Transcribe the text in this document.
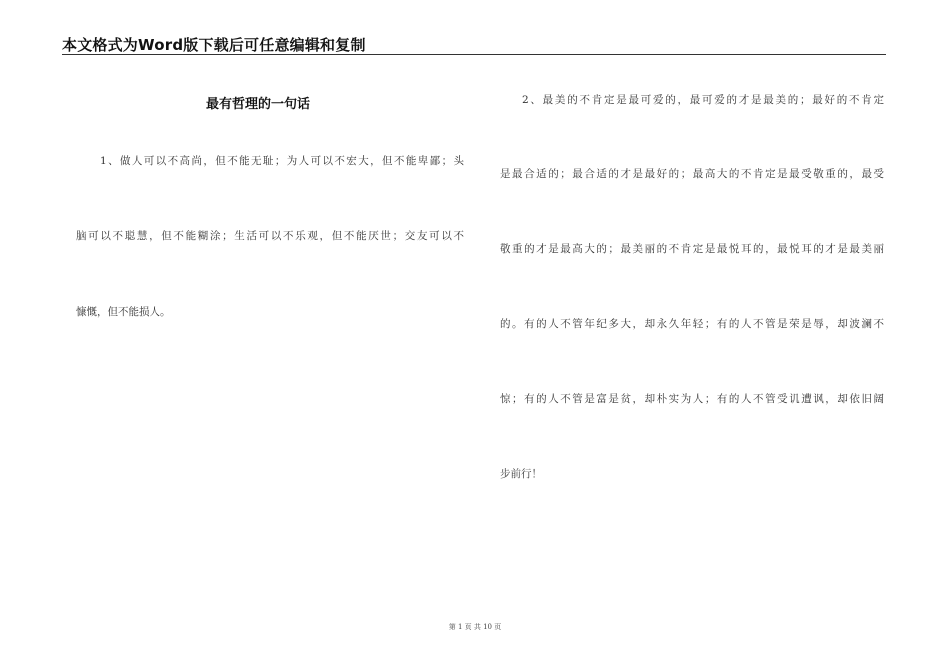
本文格式为Word版下载后可任意编辑和复制
最有哲理的一句话
1、做人可以不高尚，但不能无耻；为人可以不宏大，但不能卑鄙；头
脑可以不聪慧，但不能糊涂；生活可以不乐观，但不能厌世；交友可以不
慷慨，但不能损人。
2、最美的不肯定是最可爱的，最可爱的才是最美的；最好的不肯定
是最合适的；最合适的才是最好的；最高大的不肯定是最受敬重的，最受
敬重的才是最高大的；最美丽的不肯定是最悦耳的，最悦耳的才是最美丽
的。有的人不管年纪多大，却永久年轻；有的人不管是荣是辱，却波澜不
惊；有的人不管是富是贫，却朴实为人；有的人不管受讥遭讽，却依旧阔
步前行！
第 1 页 共 10 页
